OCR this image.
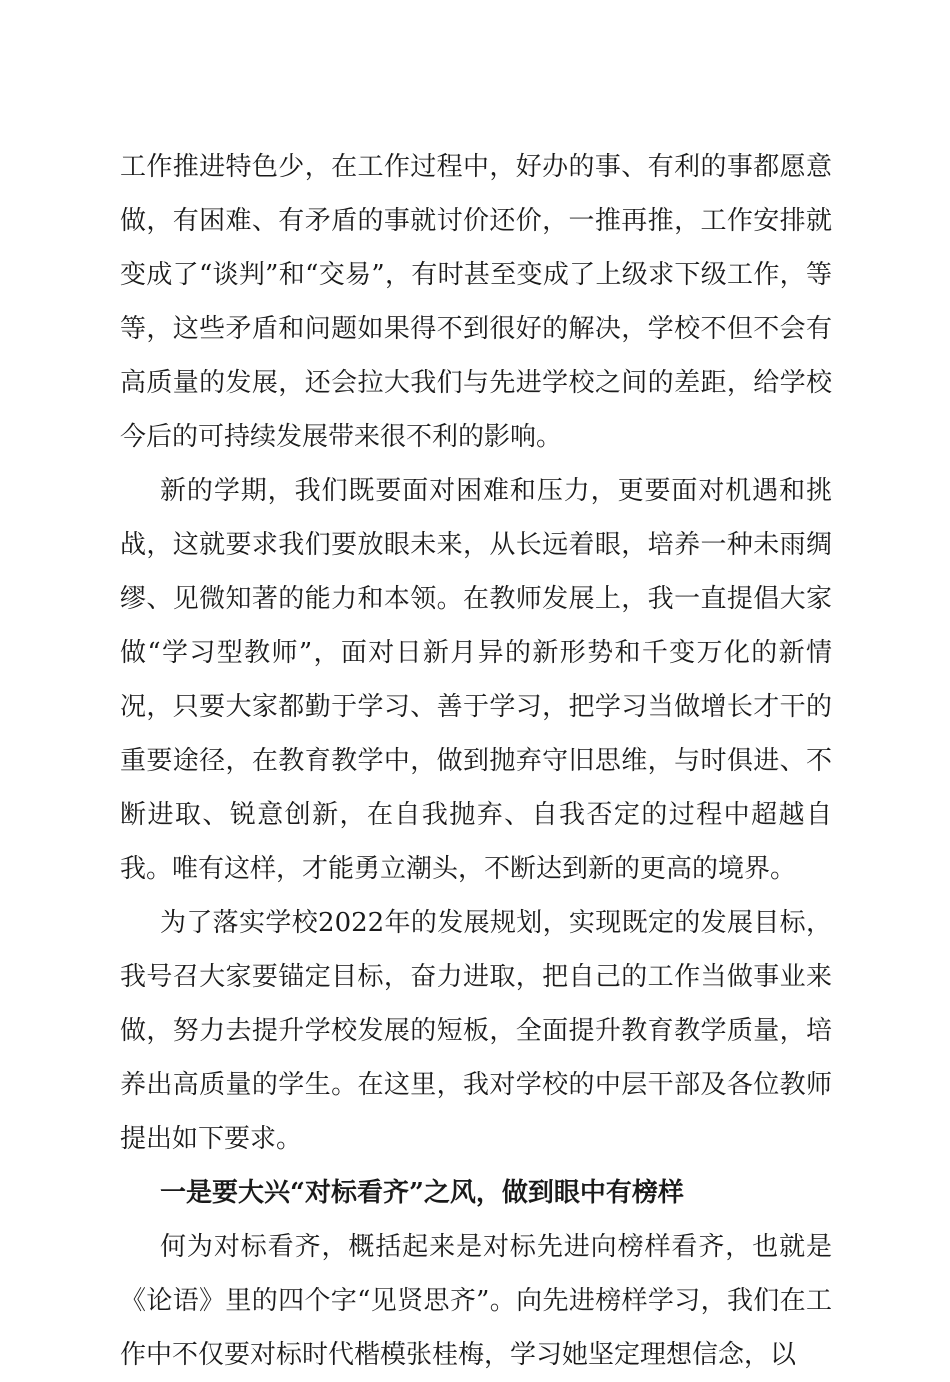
工作推进特色少，在工作过程中，好办的事、有利的事都愿意做，有困难、有矛盾的事就讨价还价，一推再推，工作安排就变成了“谈判”和“交易”，有时甚至变成了上级求下级工作，等等，这些矛盾和问题如果得不到很好的解决，学校不但不会有高质量的发展，还会拉大我们与先进学校之间的差距，给学校今后的可持续发展带来很不利的影响。

新的学期，我们既要面对困难和压力，更要面对机遇和挑战，这就要求我们要放眼未来，从长远着眼，培养一种未雨绸缪、见微知著的能力和本领。在教师发展上，我一直提倡大家做“学习型教师”，面对日新月异的新形势和千变万化的新情况，只要大家都勤于学习、善于学习，把学习当做增长才干的重要途径，在教育教学中，做到抛弃守旧思维，与时俱进、不断进取、锐意创新，在自我抛弃、自我否定的过程中超越自我。唯有这样，才能勇立潮头，不断达到新的更高的境界。

为了落实学校2022年的发展规划，实现既定的发展目标，我号召大家要锚定目标，奋力进取，把自己的工作当做事业来做，努力去提升学校发展的短板，全面提升教育教学质量，培养出高质量的学生。在这里，我对学校的中层干部及各位教师提出如下要求。

一是要大兴“对标看齐”之风，做到眼中有榜样

何为对标看齐，概括起来是对标先进向榜样看齐，也就是《论语》里的四个字“见贤思齐”。向先进榜样学习，我们在工作中不仅要对标时代楷模张桂梅，学习她坚定理想信念，以
